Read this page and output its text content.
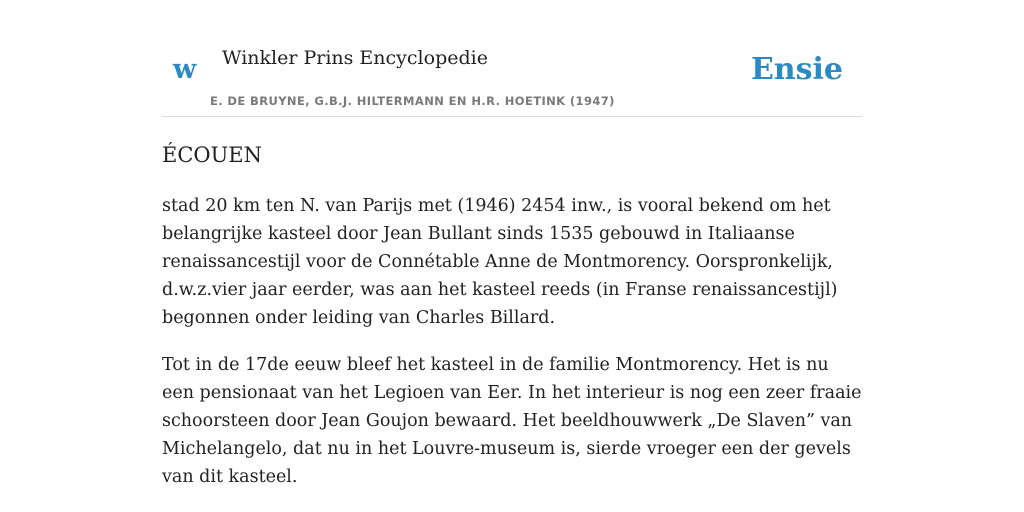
w Winkler Prins Encyclopedie
E. DE BRUYNE, G.B.J. HILTERMANN EN H.R. HOETINK (1947)
Ensie
ÉCOUEN

stad 20 km ten N. van Parijs met (1946) 2454 inw., is vooral bekend om het belangrijke kasteel door Jean Bullant sinds 1535 gebouwd in Italiaanse renaissancestijl voor de Connétable Anne de Montmorency. Oorspronkelijk, d.w.z.vier jaar eerder, was aan het kasteel reeds (in Franse renaissancestijl) begonnen onder leiding van Charles Billard.

Tot in de 17de eeuw bleef het kasteel in de familie Montmorency. Het is nu een pensionaat van het Legioen van Eer. In het interieur is nog een zeer fraaie schoorsteen door Jean Goujon bewaard. Het beeldhouwwerk „De Slaven” van Michelangelo, dat nu in het Louvre-museum is, sierde vroeger een der gevels van dit kasteel.
